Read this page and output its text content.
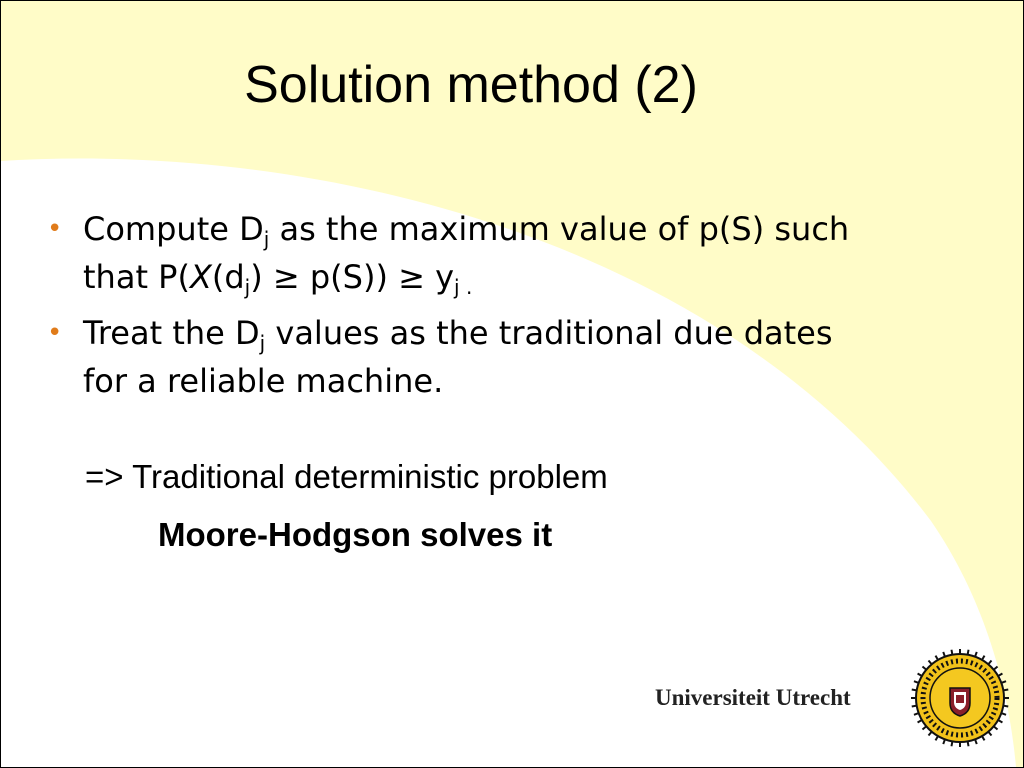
Solution method (2)
• Compute $D_j$ as the maximum value of p(S) such that $P(X(d_j) \ge p(S)) \ge y_j$ $_.$
• Treat the $D_j$ values as the traditional due dates for a reliable machine.
=> Traditional deterministic problem
Moore-Hodgson solves it
Universiteit Utrecht
